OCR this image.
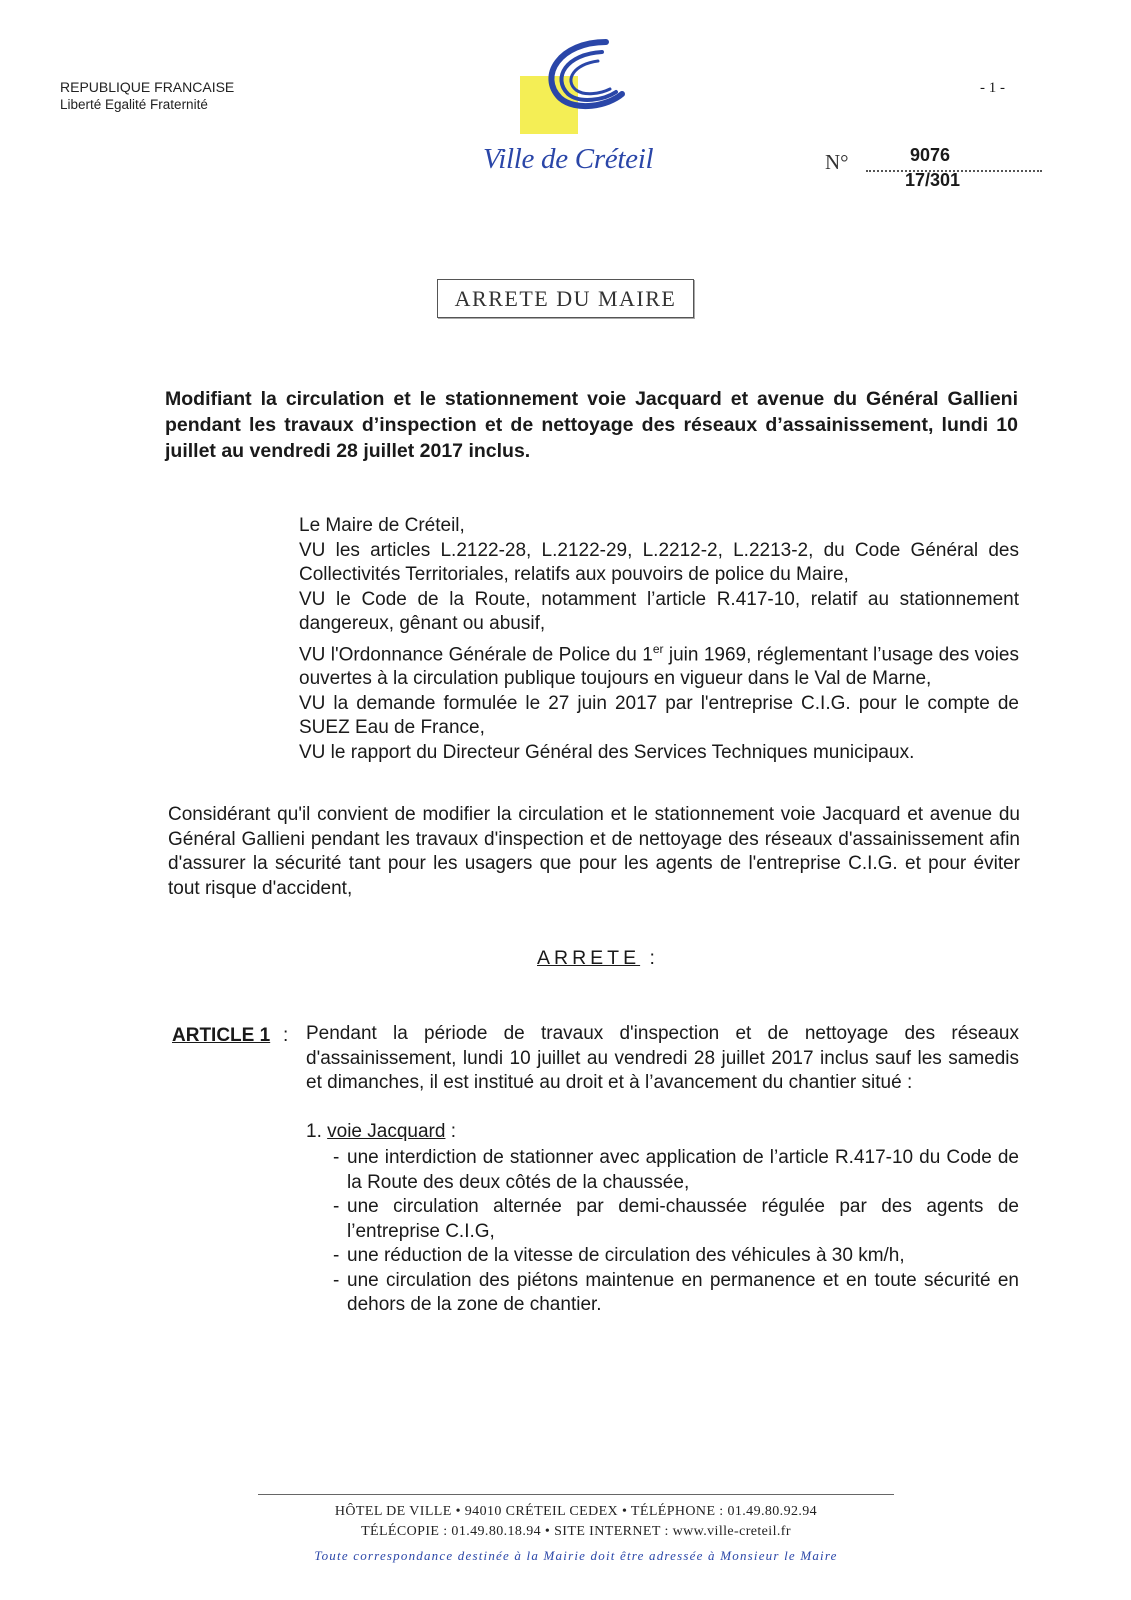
REPUBLIQUE FRANCAISE
Liberté Egalité Fraternité
- 1 -
Ville de Créteil	N°	9076
17/301
ARRETE DU MAIRE
Modifiant la circulation et le stationnement voie Jacquard et avenue du Général Gallieni pendant les travaux d’inspection et de nettoyage des réseaux d’assainissement, lundi 10 juillet au vendredi 28 juillet 2017 inclus.

Le Maire de Créteil,

VU les articles L.2122-28, L.2122-29, L.2212-2, L.2213-2, du Code Général des Collectivités Territoriales, relatifs aux pouvoirs de police du Maire,

VU le Code de la Route, notamment l’article R.417-10, relatif au stationnement dangereux, gênant ou abusif,

VU l'Ordonnance Générale de Police du 1er juin 1969, réglementant l’usage des voies ouvertes à la circulation publique toujours en vigueur dans le Val de Marne,

VU la demande formulée le 27 juin 2017 par l'entreprise C.I.G. pour le compte de SUEZ Eau de France,

VU le rapport du Directeur Général des Services Techniques municipaux.

Considérant qu'il convient de modifier la circulation et le stationnement voie Jacquard et avenue du Général Gallieni pendant les travaux d'inspection et de nettoyage des réseaux d'assainissement afin d'assurer la sécurité tant pour les usagers que pour les agents de l'entreprise C.I.G. et pour éviter tout risque d'accident,
ARRETE :
ARTICLE 1 : Pendant la période de travaux d'inspection et de nettoyage des réseaux d'assainissement, lundi 10 juillet au vendredi 28 juillet 2017 inclus sauf les samedis et dimanches, il est institué au droit et à l’avancement du chantier situé :

1. voie Jacquard :
- une interdiction de stationner avec application de l’article R.417-10 du Code de la Route des deux côtés de la chaussée,
- une circulation alternée par demi-chaussée régulée par des agents de l’entreprise C.I.G,
- une réduction de la vitesse de circulation des véhicules à 30 km/h,
- une circulation des piétons maintenue en permanence et en toute sécurité en dehors de la zone de chantier.
HÔTEL DE VILLE • 94010 CRÉTEIL CEDEX • TÉLÉPHONE : 01.49.80.92.94
TÉLÉCOPIE : 01.49.80.18.94 • SITE INTERNET : www.ville-creteil.fr
Toute correspondance destinée à la Mairie doit être adressée à Monsieur le Maire
